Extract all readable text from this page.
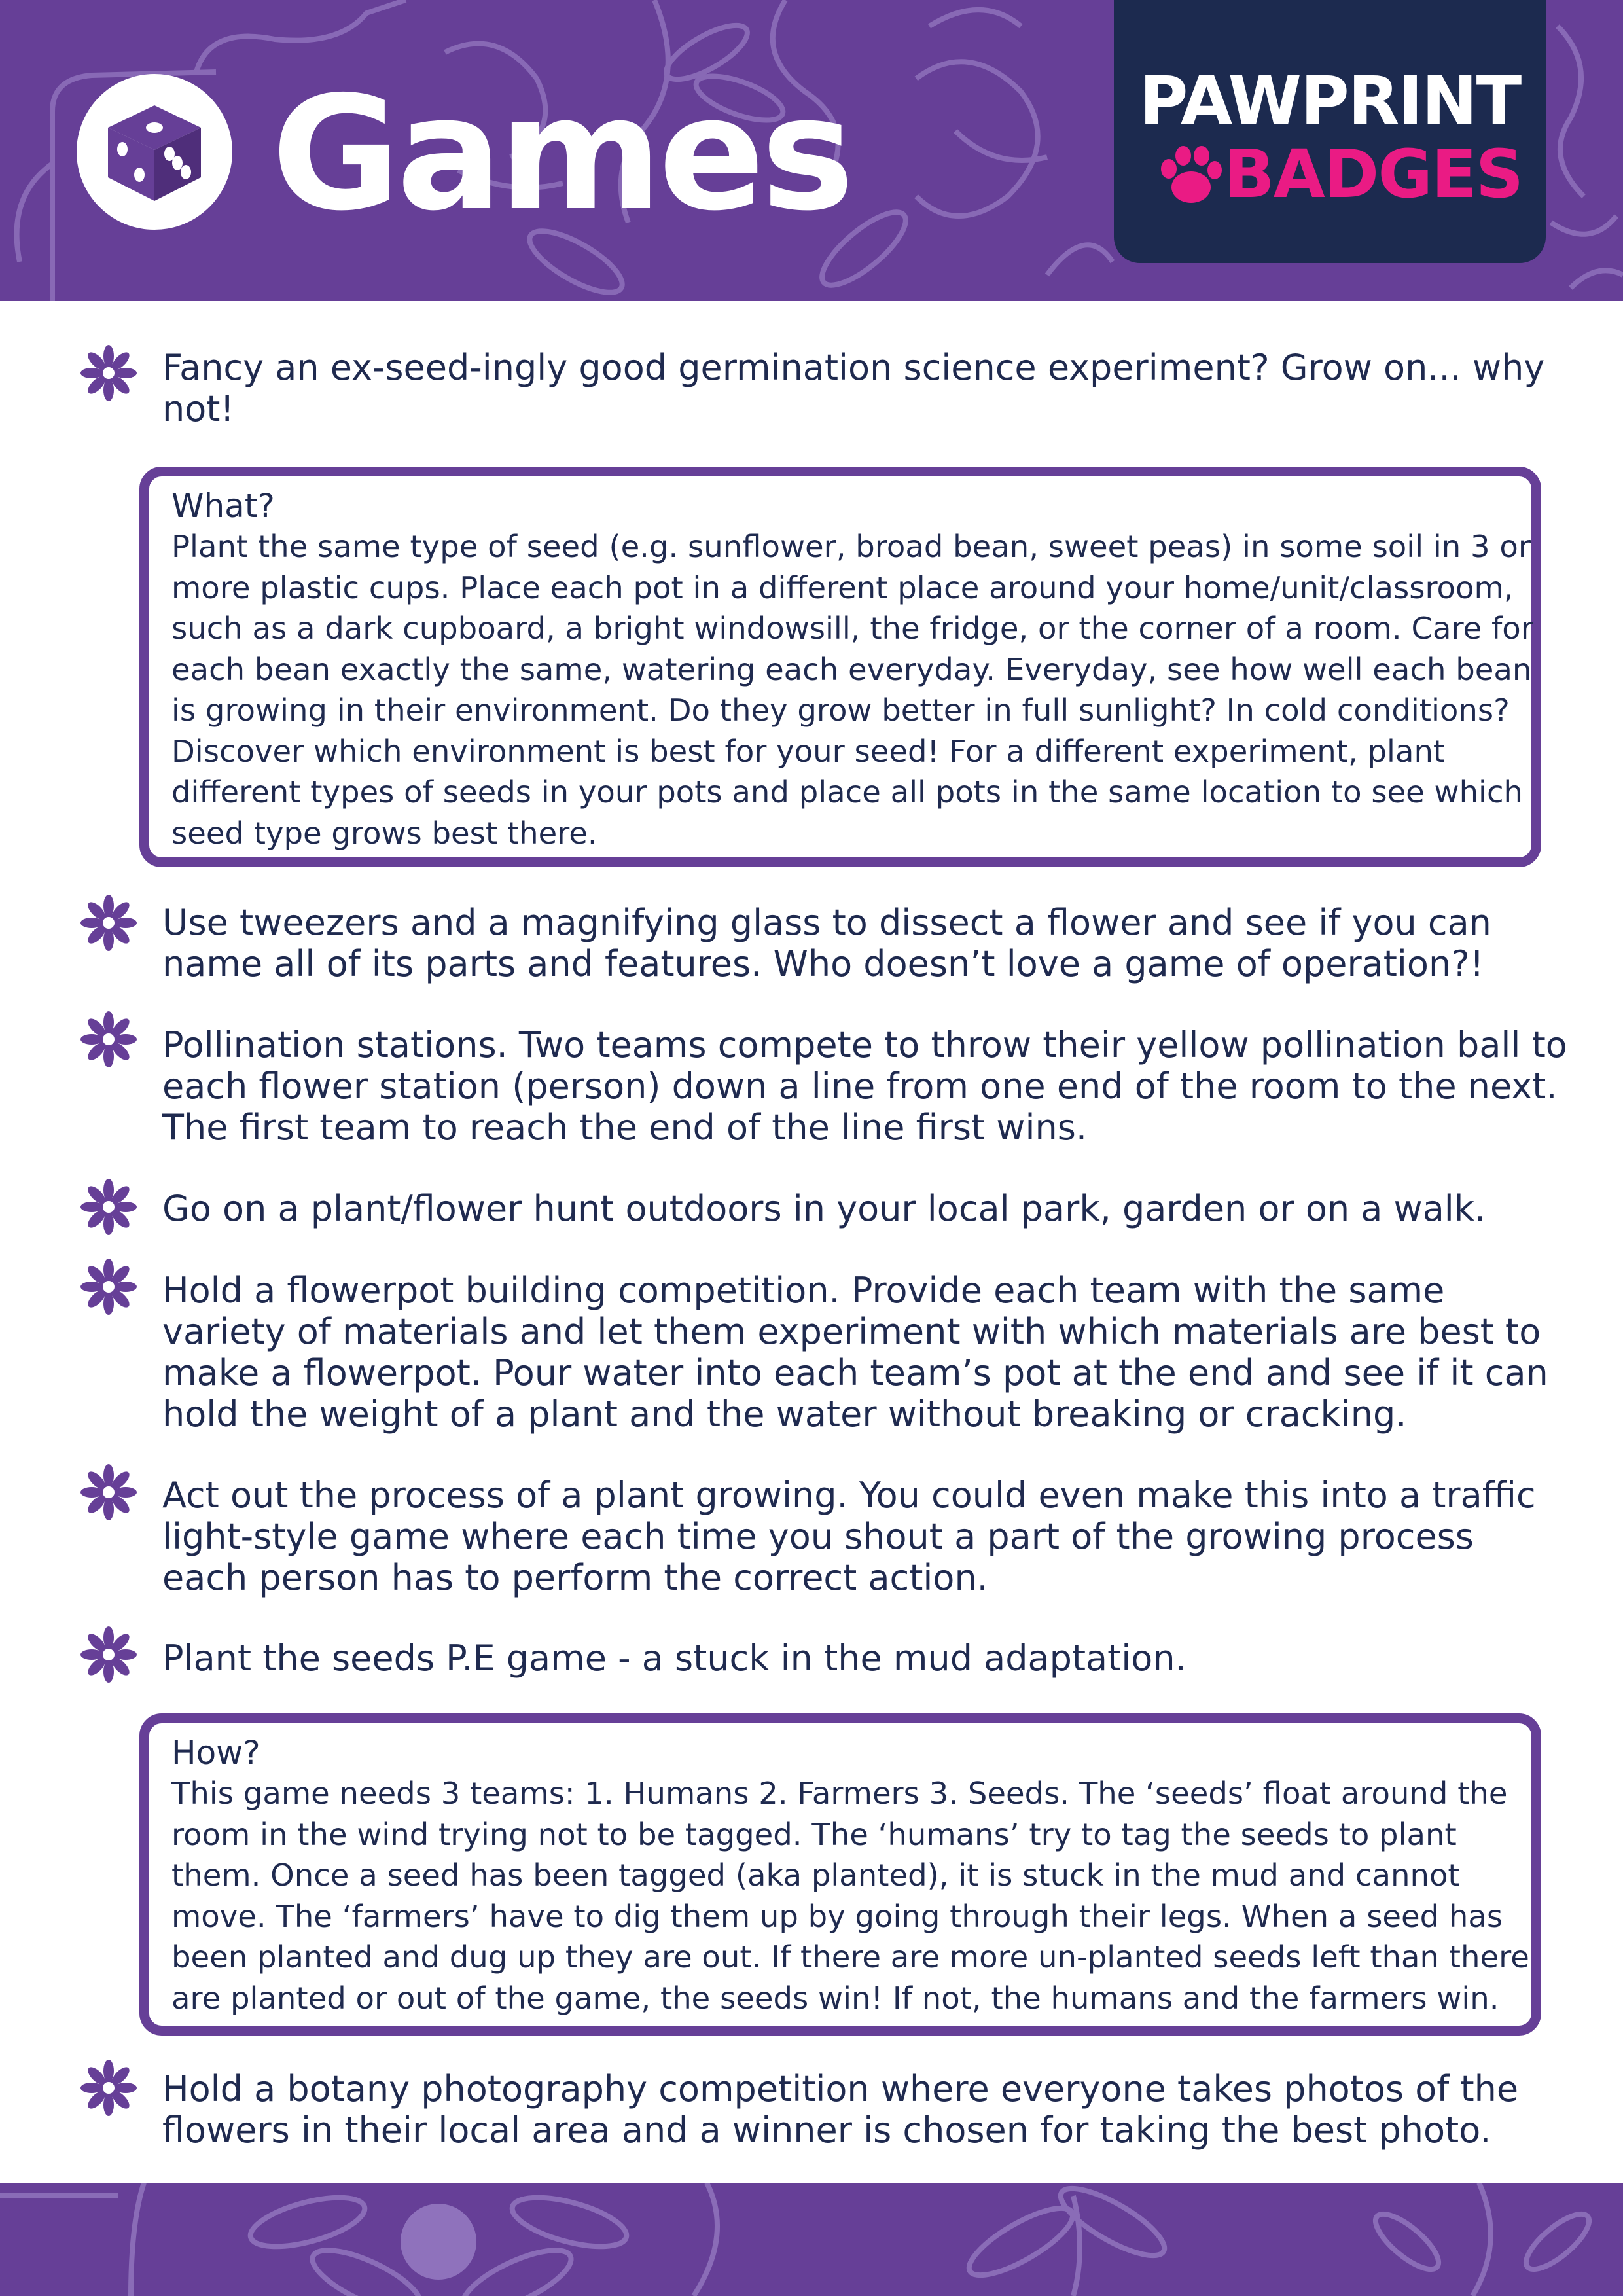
Games	PAWPRINT
BADGES
Fancy an ex-seed-ingly good germination science experiment? Grow on... why not!
What?
Plant the same type of seed (e.g. sunflower, broad bean, sweet peas) in some soil in 3 or more plastic cups. Place each pot in a different place around your home/unit/classroom, such as a dark cupboard, a bright windowsill, the fridge, or the corner of a room. Care for each bean exactly the same, watering each everyday. Everyday, see how well each bean is growing in their environment. Do they grow better in full sunlight? In cold conditions? Discover which environment is best for your seed! For a different experiment, plant different types of seeds in your pots and place all pots in the same location to see which seed type grows best there.
Use tweezers and a magnifying glass to dissect a flower and see if you can name all of its parts and features. Who doesn’t love a game of operation?!
Pollination stations. Two teams compete to throw their yellow pollination ball to each flower station (person) down a line from one end of the room to the next. The first team to reach the end of the line first wins.
Go on a plant/flower hunt outdoors in your local park, garden or on a walk.
Hold a flowerpot building competition. Provide each team with the same variety of materials and let them experiment with which materials are best to make a flowerpot. Pour water into each team’s pot at the end and see if it can hold the weight of a plant and the water without breaking or cracking.
Act out the process of a plant growing. You could even make this into a traffic light-style game where each time you shout a part of the growing process each person has to perform the correct action.
Plant the seeds P.E game - a stuck in the mud adaptation.
How?
This game needs 3 teams: 1. Humans 2. Farmers 3. Seeds. The ‘seeds’ float around the room in the wind trying not to be tagged. The ‘humans’ try to tag the seeds to plant them. Once a seed has been tagged (aka planted), it is stuck in the mud and cannot move. The ‘farmers’ have to dig them up by going through their legs. When a seed has been planted and dug up they are out. If there are more un-planted seeds left than there are planted or out of the game, the seeds win! If not, the humans and the farmers win.
Hold a botany photography competition where everyone takes photos of the flowers in their local area and a winner is chosen for taking the best photo.
